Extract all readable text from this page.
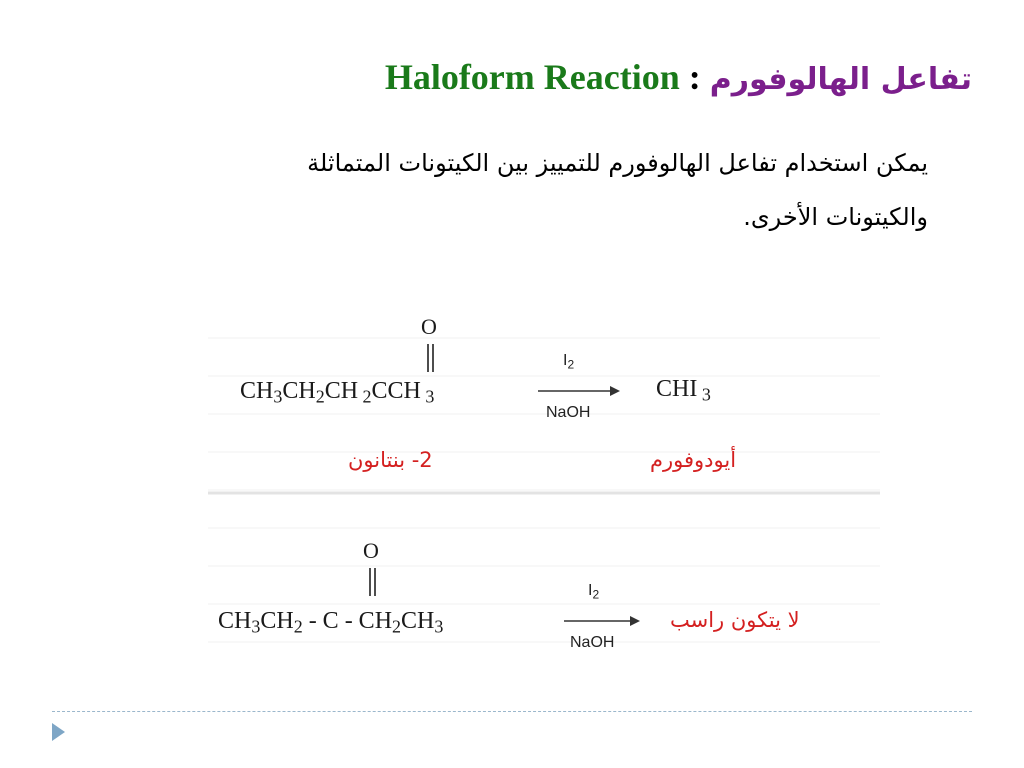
Haloform Reaction : تفاعل الهالوفورم
يمكن استخدام تفاعل الهالوفورم للتمييز بين الكيتونات المتماثلة
والكيتونات الأخرى.
O
$CH_3CH_2CH$ $_2$CCH $_3$
$I_2$
NaOH
CHI $_3$
2- بنتانون	أيودوفورم
O
$CH_3CH_2$ - C - $CH_2CH_3$
$I_2$
NaOH
لا يتكون راسب
